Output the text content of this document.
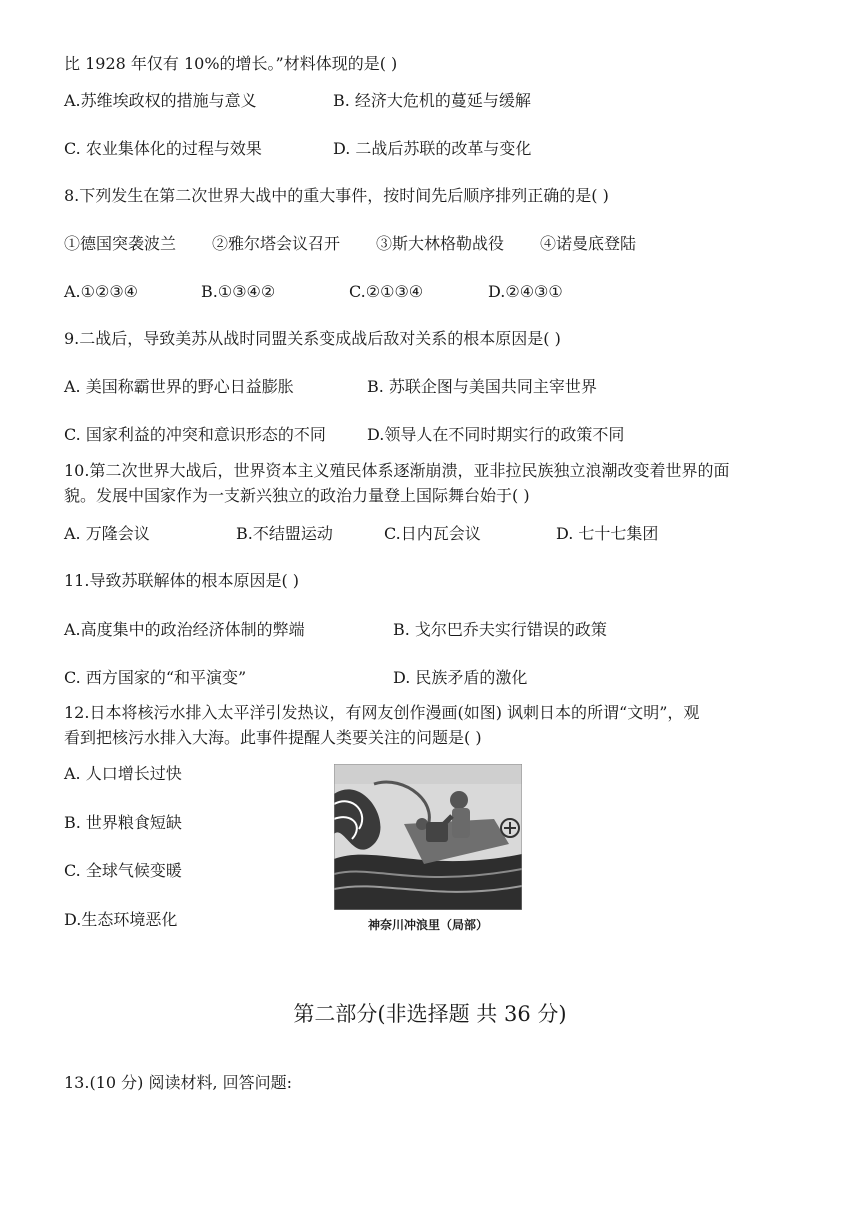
比 1928 年仅有 10%的增长。”材料体现的是( )
A.苏维埃政权的措施与意义	B. 经济大危机的蔓延与缓解
C. 农业集体化的过程与效果	D. 二战后苏联的改革与变化
8.下列发生在第二次世界大战中的重大事件，按时间先后顺序排列正确的是( )
①德国突袭波兰 ②雅尔塔会议召开 ③斯大林格勒战役 ④诺曼底登陆
A.①②③④	B.①③④②	C.②①③④	D.②④③①
9.二战后，导致美苏从战时同盟关系变成战后敌对关系的根本原因是( )
A. 美国称霸世界的野心日益膨胀	B. 苏联企图与美国共同主宰世界
C. 国家利益的冲突和意识形态的不同	D.领导人在不同时期实行的政策不同
10.第二次世界大战后，世界资本主义殖民体系逐渐崩溃，亚非拉民族独立浪潮改变着世界的面
貌。发展中国家作为一支新兴独立的政治力量登上国际舞台始于( )
A. 万隆会议	B.不结盟运动	C.日内瓦会议	D. 七十七集团
11.导致苏联解体的根本原因是( )
A.高度集中的政治经济体制的弊端	B. 戈尔巴乔夫实行错误的政策
C. 西方国家的“和平演变”	D. 民族矛盾的激化
12.日本将核污水排入太平洋引发热议，有网友创作漫画(如图) 讽刺日本的所谓“文明”，观
看到把核污水排入大海。此事件提醒人类要关注的问题是( )
A. 人口增长过快
B. 世界粮食短缺
C. 全球气候变暖
D.生态环境恶化	神奈川冲浪里（局部）
第二部分(非选择题 共 36 分)
13.(10 分) 阅读材料, 回答问题:
